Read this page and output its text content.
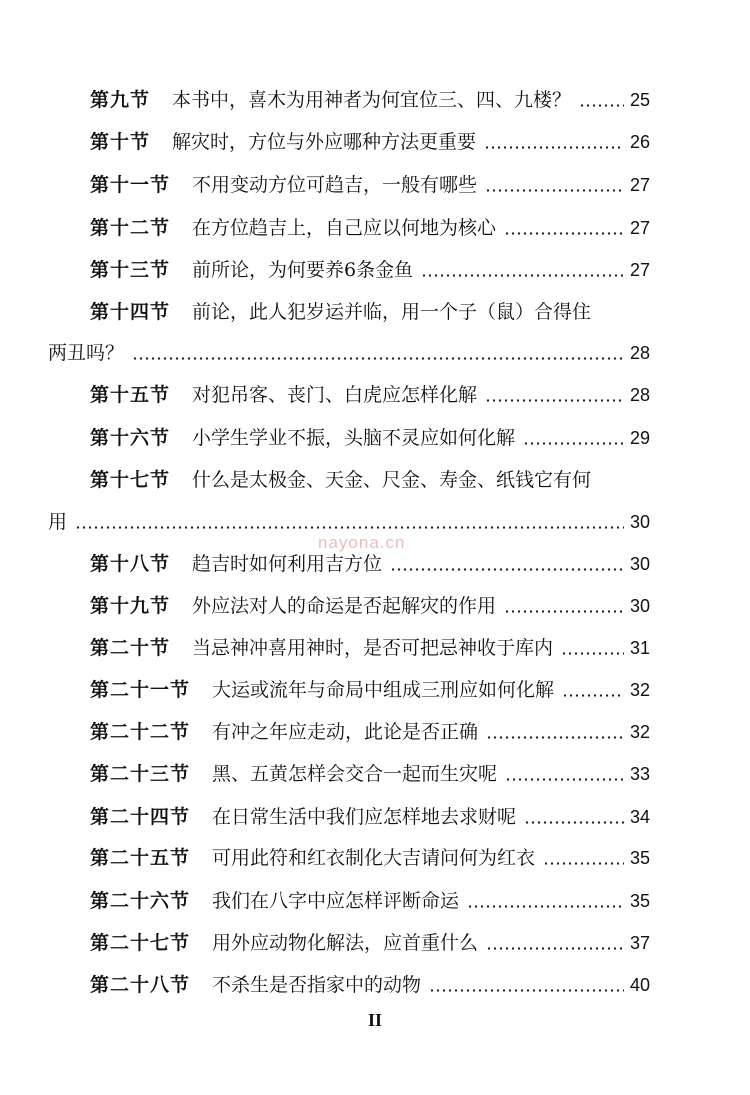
第九节 本书中，喜木为用神者为何宜位三、四、九楼？	25
第十节 解灾时，方位与外应哪种方法更重要	26
第十一节 不用变动方位可趋吉，一般有哪些	27
第十二节 在方位趋吉上，自己应以何地为核心	27
第十三节 前所论，为何要养6条金鱼	27
第十四节 前论，此人犯岁运并临，用一个子（鼠）合得住
两丑吗？	28
第十五节 对犯吊客、丧门、白虎应怎样化解	28
第十六节 小学生学业不振，头脑不灵应如何化解	29
第十七节 什么是太极金、天金、尺金、寿金、纸钱它有何
用	30
第十八节 趋吉时如何利用吉方位	30
第十九节 外应法对人的命运是否起解灾的作用	30
第二十节 当忌神冲喜用神时，是否可把忌神收于库内	31
第二十一节 大运或流年与命局中组成三刑应如何化解	32
第二十二节 有冲之年应走动，此论是否正确	32
第二十三节 黑、五黄怎样会交合一起而生灾呢	33
第二十四节 在日常生活中我们应怎样地去求财呢	34
第二十五节 可用此符和红衣制化大吉请问何为红衣	35
第二十六节 我们在八字中应怎样评断命运	35
第二十七节 用外应动物化解法，应首重什么	37
第二十八节 不杀生是否指家中的动物	40
nayona.cn
II
